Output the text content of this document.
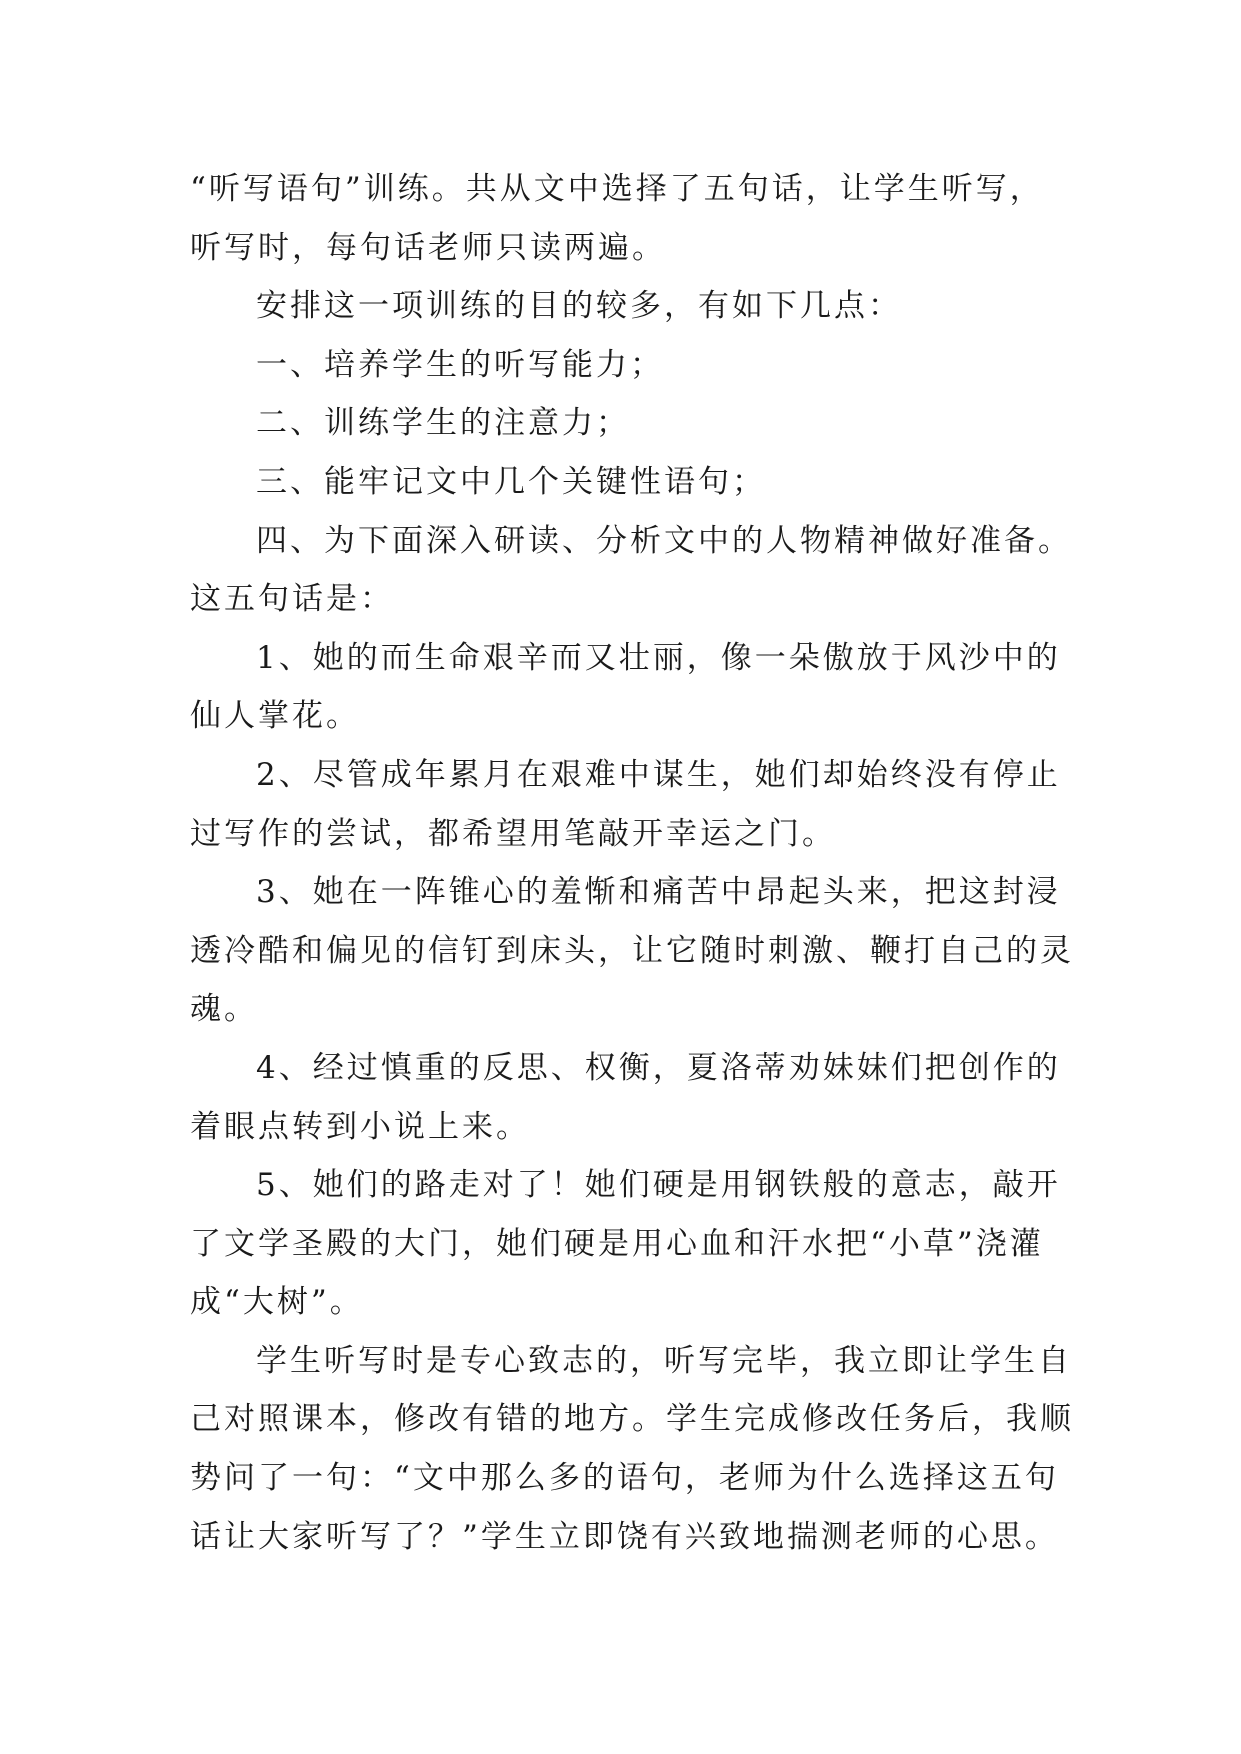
“听写语句”训练。共从文中选择了五句话，让学生听写，
听写时，每句话老师只读两遍。
安排这一项训练的目的较多，有如下几点：
一、培养学生的听写能力；
二、训练学生的注意力；
三、能牢记文中几个关键性语句；
四、为下面深入研读、分析文中的人物精神做好准备。
这五句话是：
1、她的而生命艰辛而又壮丽，像一朵傲放于风沙中的
仙人掌花。
2、尽管成年累月在艰难中谋生，她们却始终没有停止
过写作的尝试，都希望用笔敲开幸运之门。
3、她在一阵锥心的羞惭和痛苦中昂起头来，把这封浸
透冷酷和偏见的信钉到床头，让它随时刺激、鞭打自己的灵
魂。
4、经过慎重的反思、权衡，夏洛蒂劝妹妹们把创作的
着眼点转到小说上来。
5、她们的路走对了！她们硬是用钢铁般的意志，敲开
了文学圣殿的大门，她们硬是用心血和汗水把“小草”浇灌
成“大树”。
学生听写时是专心致志的，听写完毕，我立即让学生自
己对照课本，修改有错的地方。学生完成修改任务后，我顺
势问了一句：“文中那么多的语句，老师为什么选择这五句
话让大家听写了？”学生立即饶有兴致地揣测老师的心思。
